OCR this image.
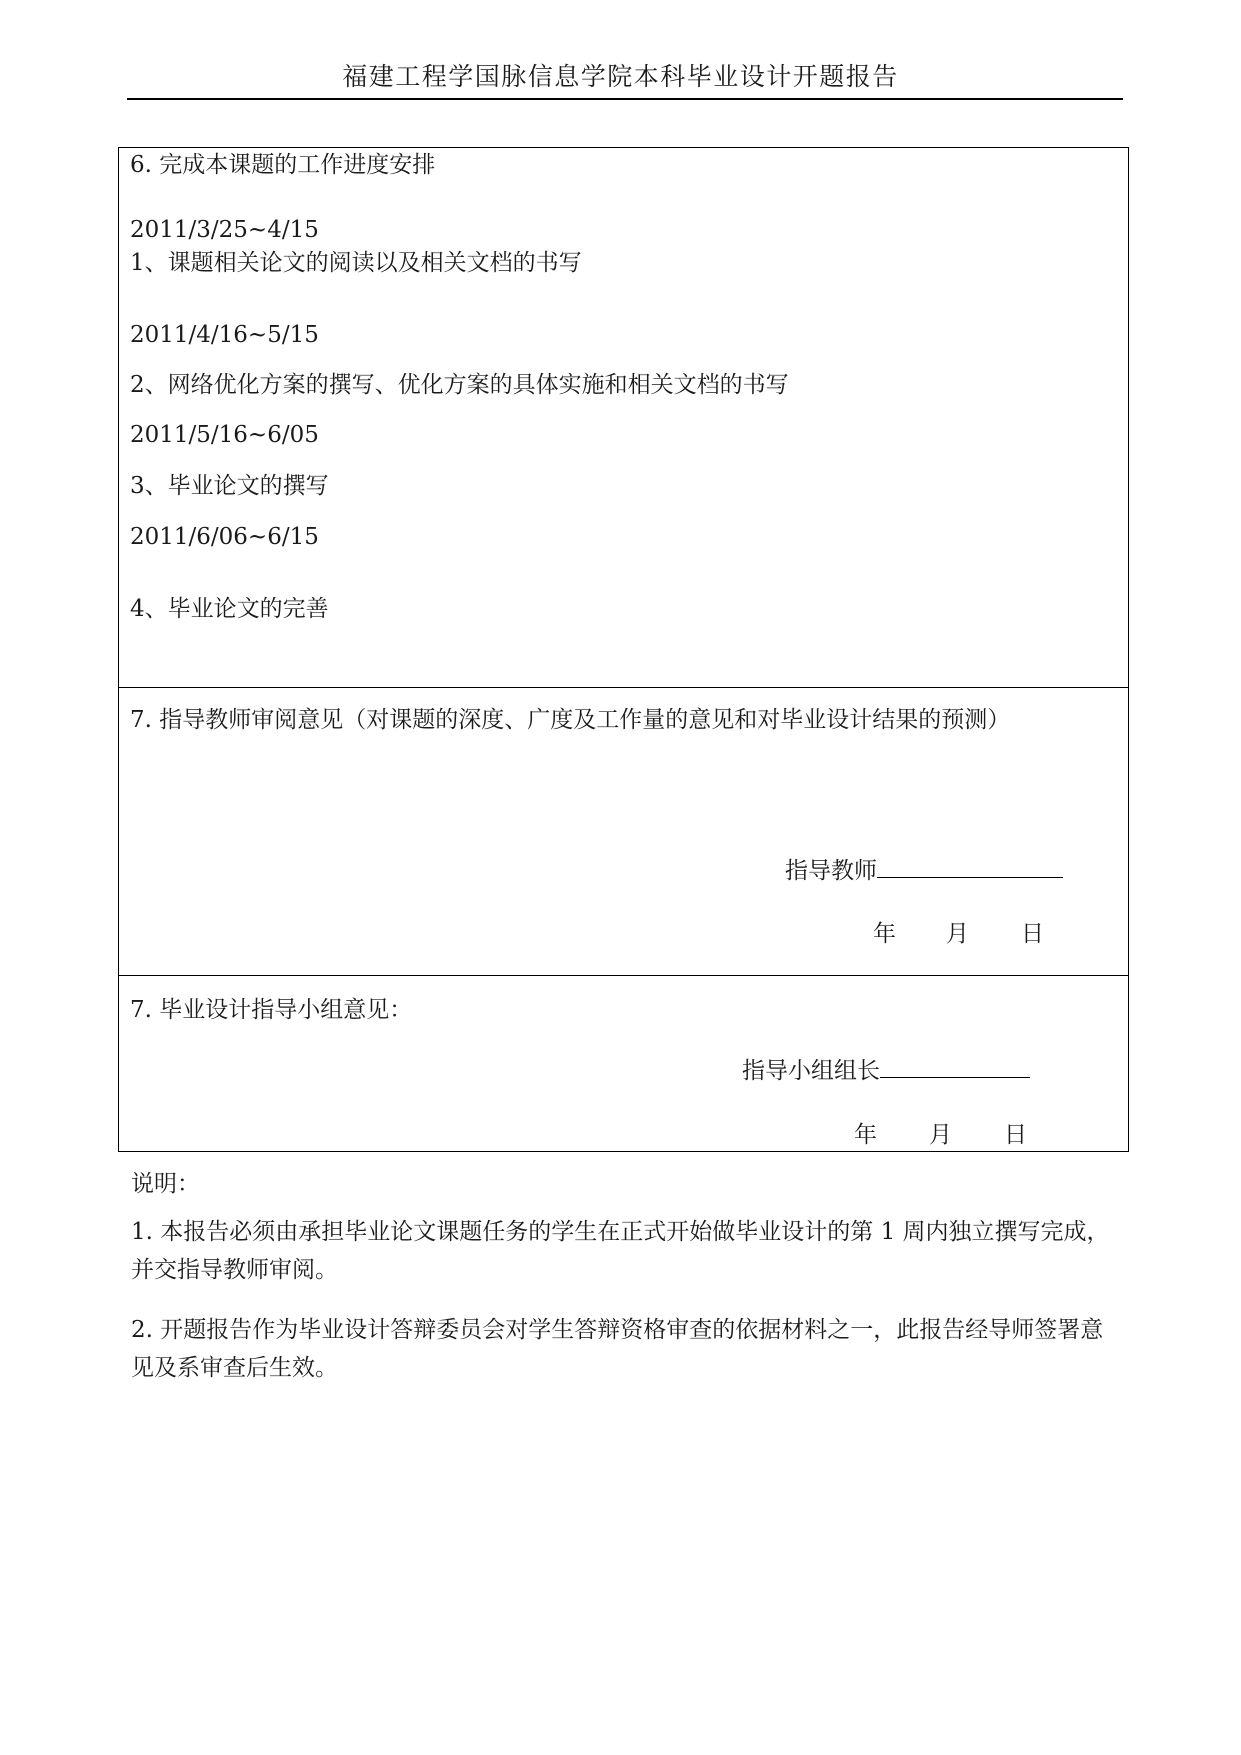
福建工程学国脉信息学院本科毕业设计开题报告
6. 完成本课题的工作进度安排
2011/3/25~4/15
1、课题相关论文的阅读以及相关文档的书写
2011/4/16~5/15
2、网络优化方案的撰写、优化方案的具体实施和相关文档的书写
2011/5/16~6/05
3、毕业论文的撰写
2011/6/06~6/15
4、毕业论文的完善
7. 指导教师审阅意见（对课题的深度、广度及工作量的意见和对毕业设计结果的预测）
指导教师
年 月 日
7. 毕业设计指导小组意见：
指导小组组长
年 月 日
说明：
1. 本报告必须由承担毕业论文课题任务的学生在正式开始做毕业设计的第 1 周内独立撰写完成，并交指导教师审阅。
2. 开题报告作为毕业设计答辩委员会对学生答辩资格审查的依据材料之一，此报告经导师签署意见及系审查后生效。
